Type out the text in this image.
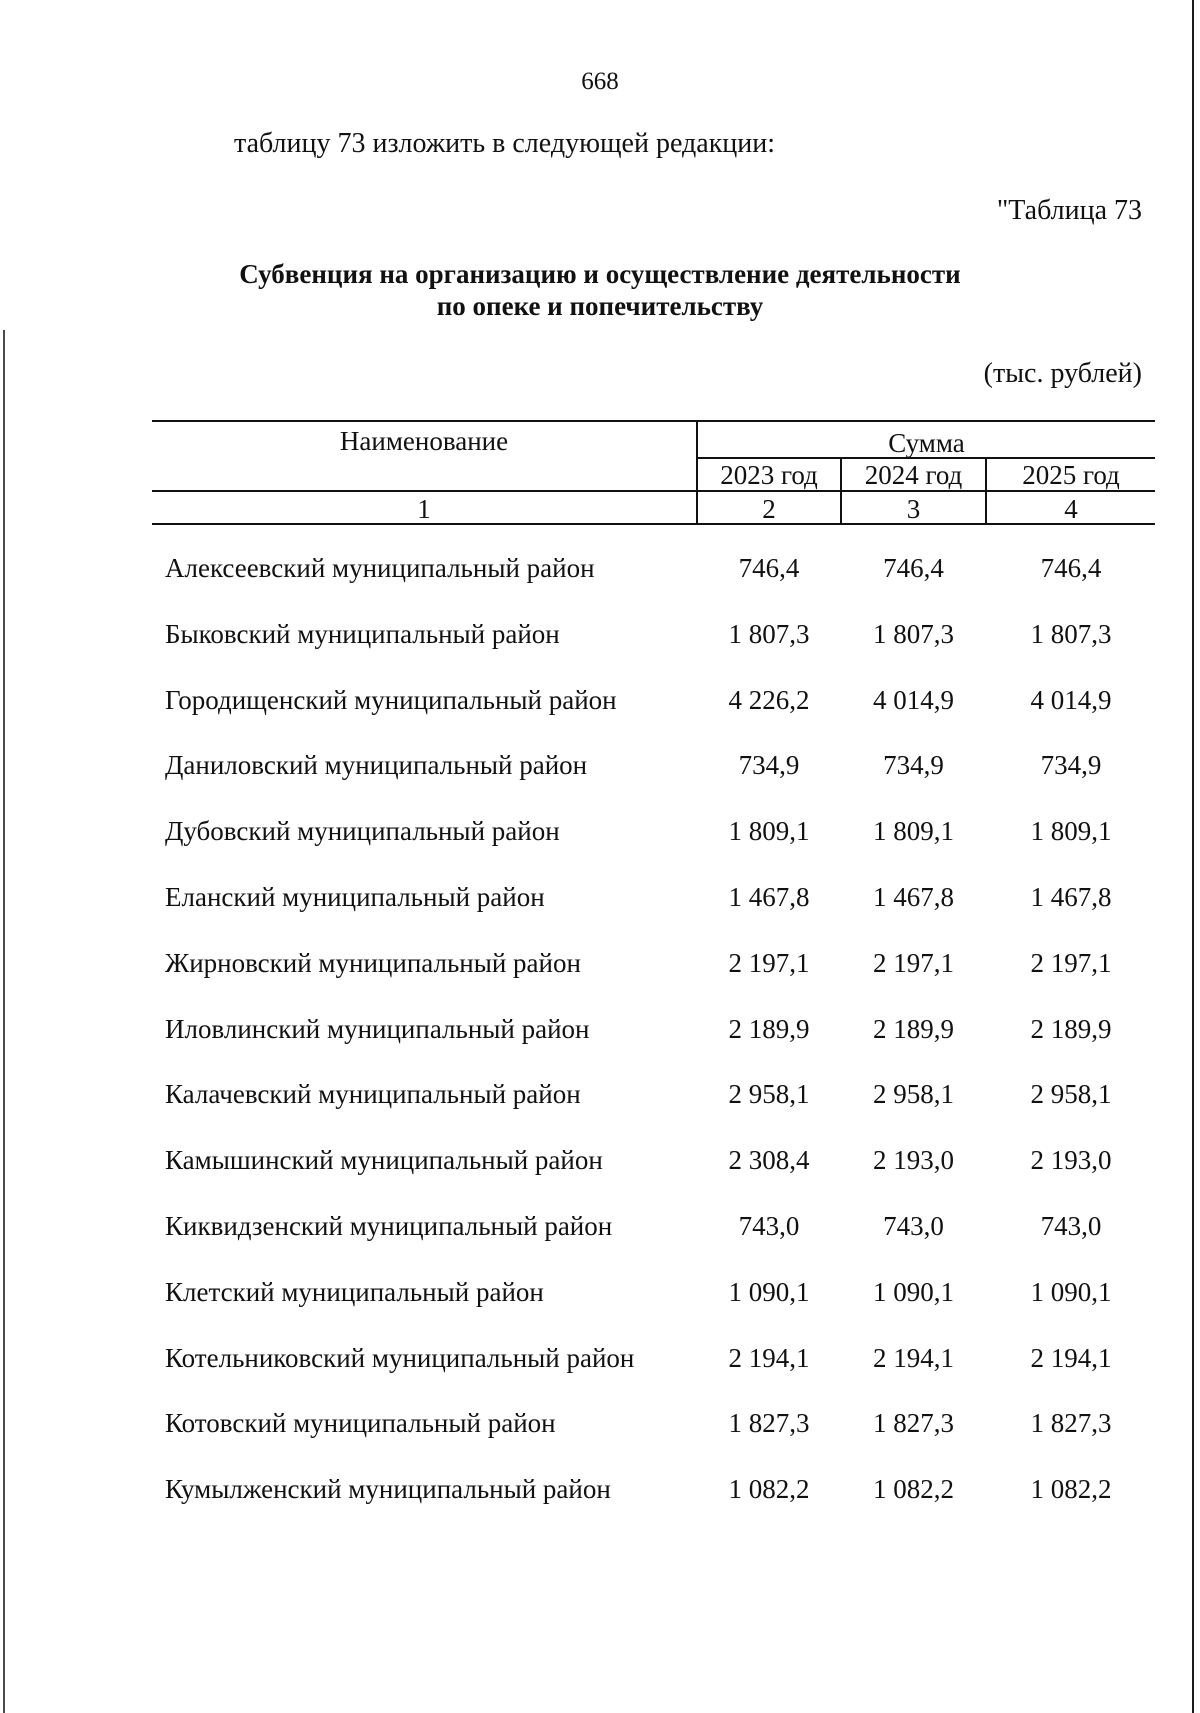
668
таблицу 73 изложить в следующей редакции:
"Таблица 73
Субвенция на организацию и осуществление деятельности
по опеке и попечительству
(тыс. рублей)
Наименование	Сумма
2023 год	2024 год	2025 год
1	2	3	4
Алексеевский муниципальный район	746,4	746,4	746,4
Быковский муниципальный район	1 807,3	1 807,3	1 807,3
Городищенский муниципальный район	4 226,2	4 014,9	4 014,9
Даниловский муниципальный район	734,9	734,9	734,9
Дубовский муниципальный район	1 809,1	1 809,1	1 809,1
Еланский муниципальный район	1 467,8	1 467,8	1 467,8
Жирновский муниципальный район	2 197,1	2 197,1	2 197,1
Иловлинский муниципальный район	2 189,9	2 189,9	2 189,9
Калачевский муниципальный район	2 958,1	2 958,1	2 958,1
Камышинский муниципальный район	2 308,4	2 193,0	2 193,0
Киквидзенский муниципальный район	743,0	743,0	743,0
Клетский муниципальный район	1 090,1	1 090,1	1 090,1
Котельниковский муниципальный район	2 194,1	2 194,1	2 194,1
Котовский муниципальный район	1 827,3	1 827,3	1 827,3
Кумылженский муниципальный район	1 082,2	1 082,2	1 082,2
